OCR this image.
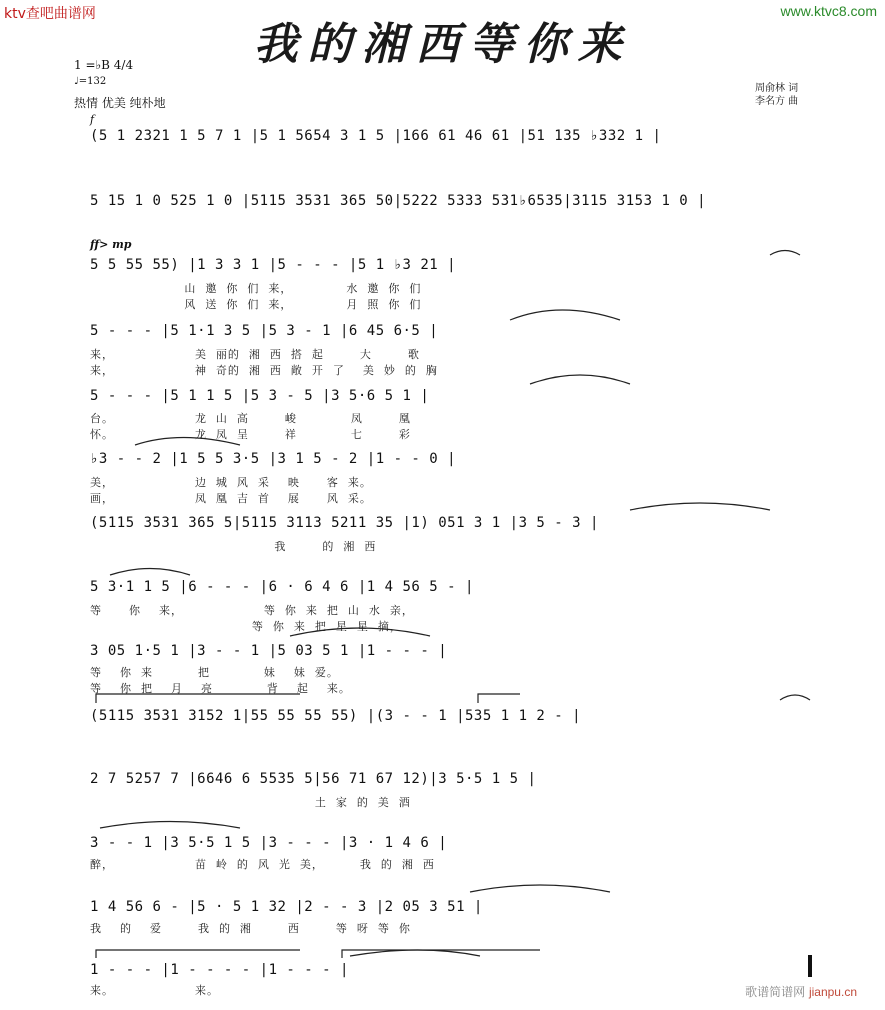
ktv查吧曲谱网	www.ktvc8.com
我的湘西等你来
1 =♭B 4/4
♩=132
热情 优美 纯朴地
周俞林 词
李名方 曲
f
ff> mp
(5 1 2321 1 5 7 1 |5 1 5654 3 1 5 |166 61 46 61 |51 135 ♭332 1 |
5 15 1 0 525 1 0 |5115 3531 365 50|5222 5333 531♭6535|3115 3153 1 0 |
5 5 55 55) |1 3 3 1 |5 - - - |5 1 ♭3 21 |
山  邀  你  们  来，            水  邀  你  们
风  送  你  们  来，            月  照  你  们
5 - - - |5 1·1 3 5 |5 3 - 1 |6 45 6·5 |
来，                  美  丽的  湘  西  搭  起        大        歌
来，                  神  奇的  湘  西  敞  开  了    美  妙  的  胸
5 - - - |5 1 1 5 |5 3 - 5 |3 5·6 5 1 |
台。                  龙  山  高        峻            凤        凰
怀。                  龙  凤  呈        祥            七        彩
♭3 - - 2 |1 5 5 3·5 |3 1 5 - 2 |1 - - 0 |
美，                  边  城  风  采    映      客  来。
画，                  凤  凰  吉  首    展      风  采。
(5115 3531 365 5|5115 3113 5211 35 |1) 051 3 1 |3 5 - 3 |
我        的  湘  西
5 3·1 1 5 |6 - - - |6 · 6 4 6 |1 4 56 5 - |
等      你    来，                  等  你  来  把  山  水  亲，
等  你  来  把  星  星  摘，
3 05 1·5 1 |3 - - 1 |5 03 5 1 |1 - - - |
等    你  来          把            妹    妹  爱。
等    你  把    月    亮            背    起    来。
(5115 3531 3152 1|55 55 55 55) |(3 - - 1 |535 1 1 2 - |
2 7 5257 7 |6646 6 5535 5|56 71 67 12)|3 5·5 1 5 |
土  家  的  美  酒
3 - - 1 |3 5·5 1 5 |3 - - - |3 · 1 4 6 |
醉，                  苗  岭  的  风  光  美，        我  的  湘  西
1 4 56 6 - |5 · 5 1 32 |2 - - 3 |2 05 3 51 |
我    的    爱        我  的  湘        西        等  呀  等  你
1 - - - |1 - - - - |1 - - - |
来。                  来。	歌谱简谱网 jianpu.cn
